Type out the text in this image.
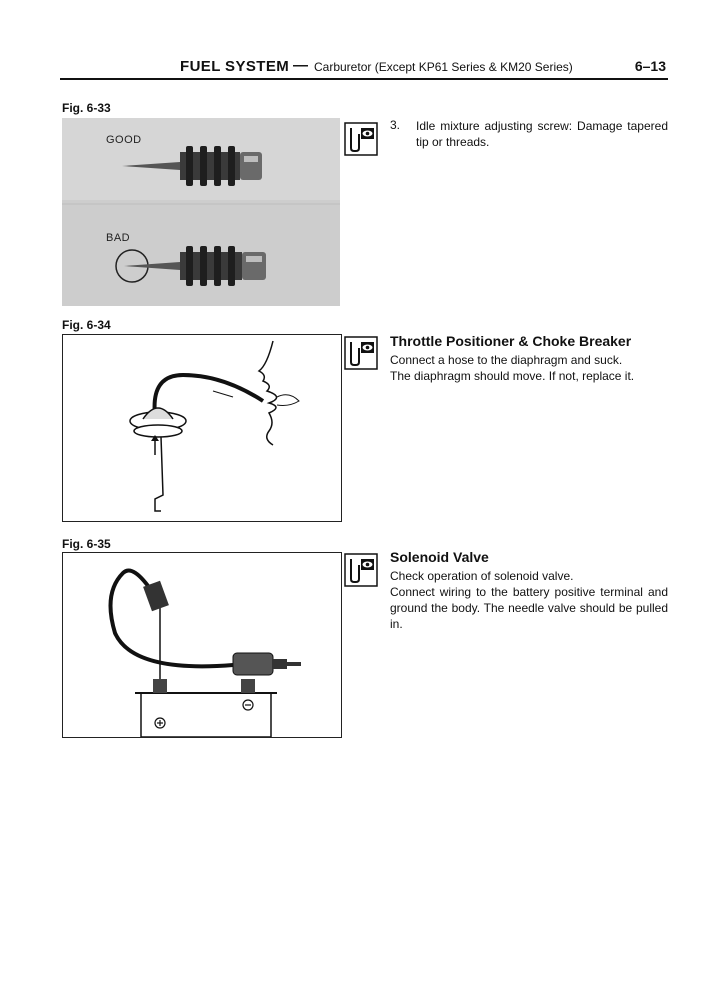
FUEL SYSTEM — Carburetor (Except KP61 Series & KM20 Series)	6–13
Fig. 6-33
GOOD
BAD
3. Idle mixture adjusting screw: Damage tapered tip or threads.
Fig. 6-34
Throttle Positioner & Choke Breaker
Connect a hose to the diaphragm and suck.
The diaphragm should move. If not, replace it.
Fig. 6-35
Solenoid Valve
Check operation of solenoid valve.
Connect wiring to the battery positive terminal and ground the body. The needle valve should be pulled in.
